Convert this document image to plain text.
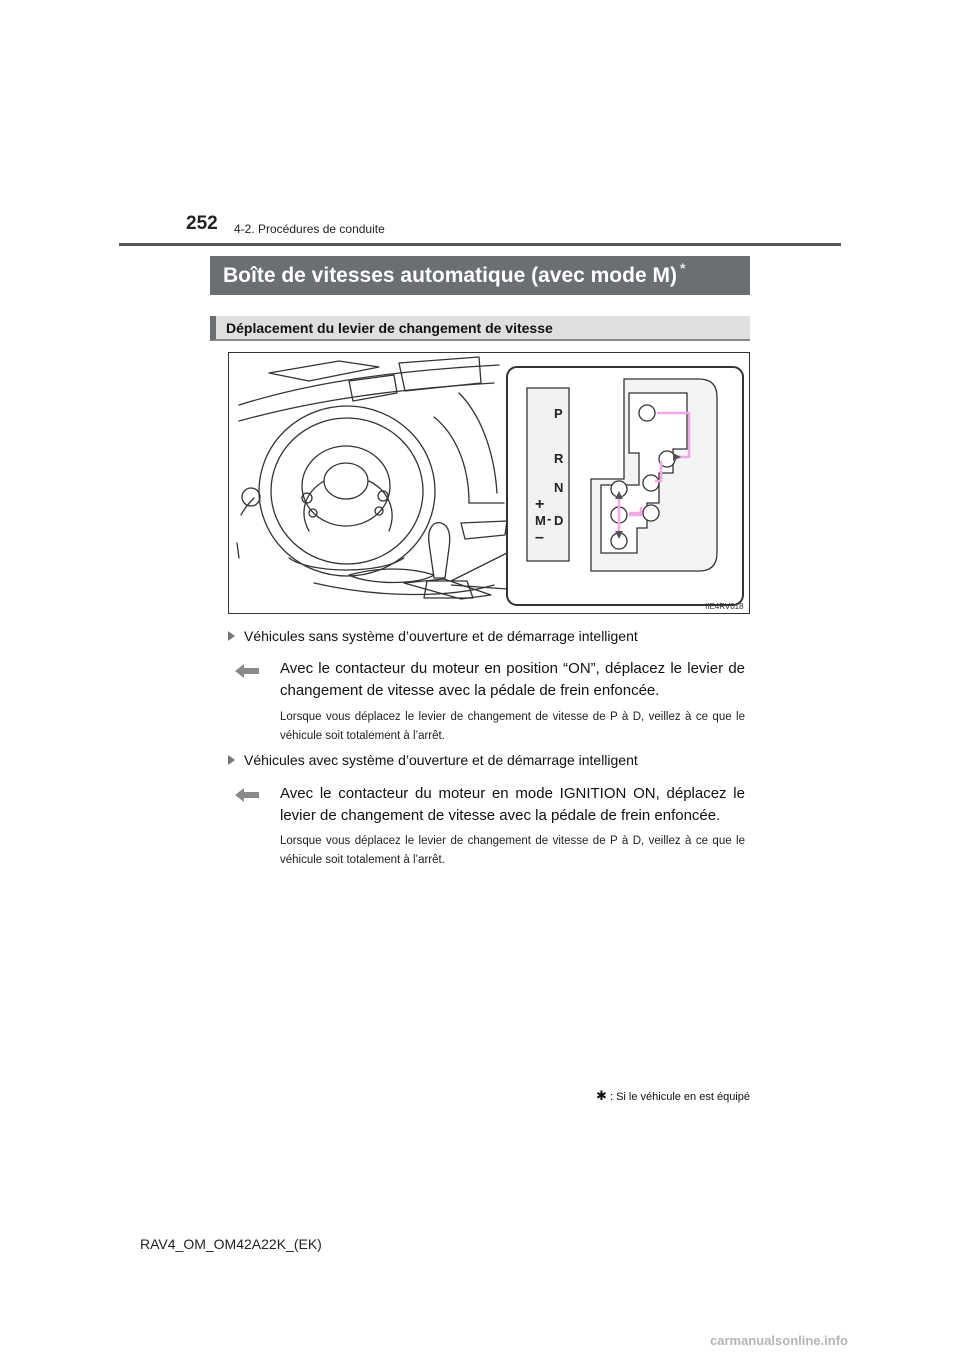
252 4-2. Procédures de conduite
Boîte de vitesses automatique (avec mode M) *
Déplacement du levier de changement de vitesse
P
R
N
+
M - D
–
IIE4RV018
Véhicules sans système d’ouverture et de démarrage intelligent
Avec le contacteur du moteur en position “ON”, déplacez le levier de changement de vitesse avec la pédale de frein enfoncée.
Lorsque vous déplacez le levier de changement de vitesse de P à D, veillez à ce que le véhicule soit totalement à l’arrêt.
Véhicules avec système d’ouverture et de démarrage intelligent
Avec le contacteur du moteur en mode IGNITION ON, déplacez le levier de changement de vitesse avec la pédale de frein enfoncée.
Lorsque vous déplacez le levier de changement de vitesse de P à D, veillez à ce que le véhicule soit totalement à l’arrêt.
✱ : Si le véhicule en est équipé
RAV4_OM_OM42A22K_(EK)
carmanualsonline.info
